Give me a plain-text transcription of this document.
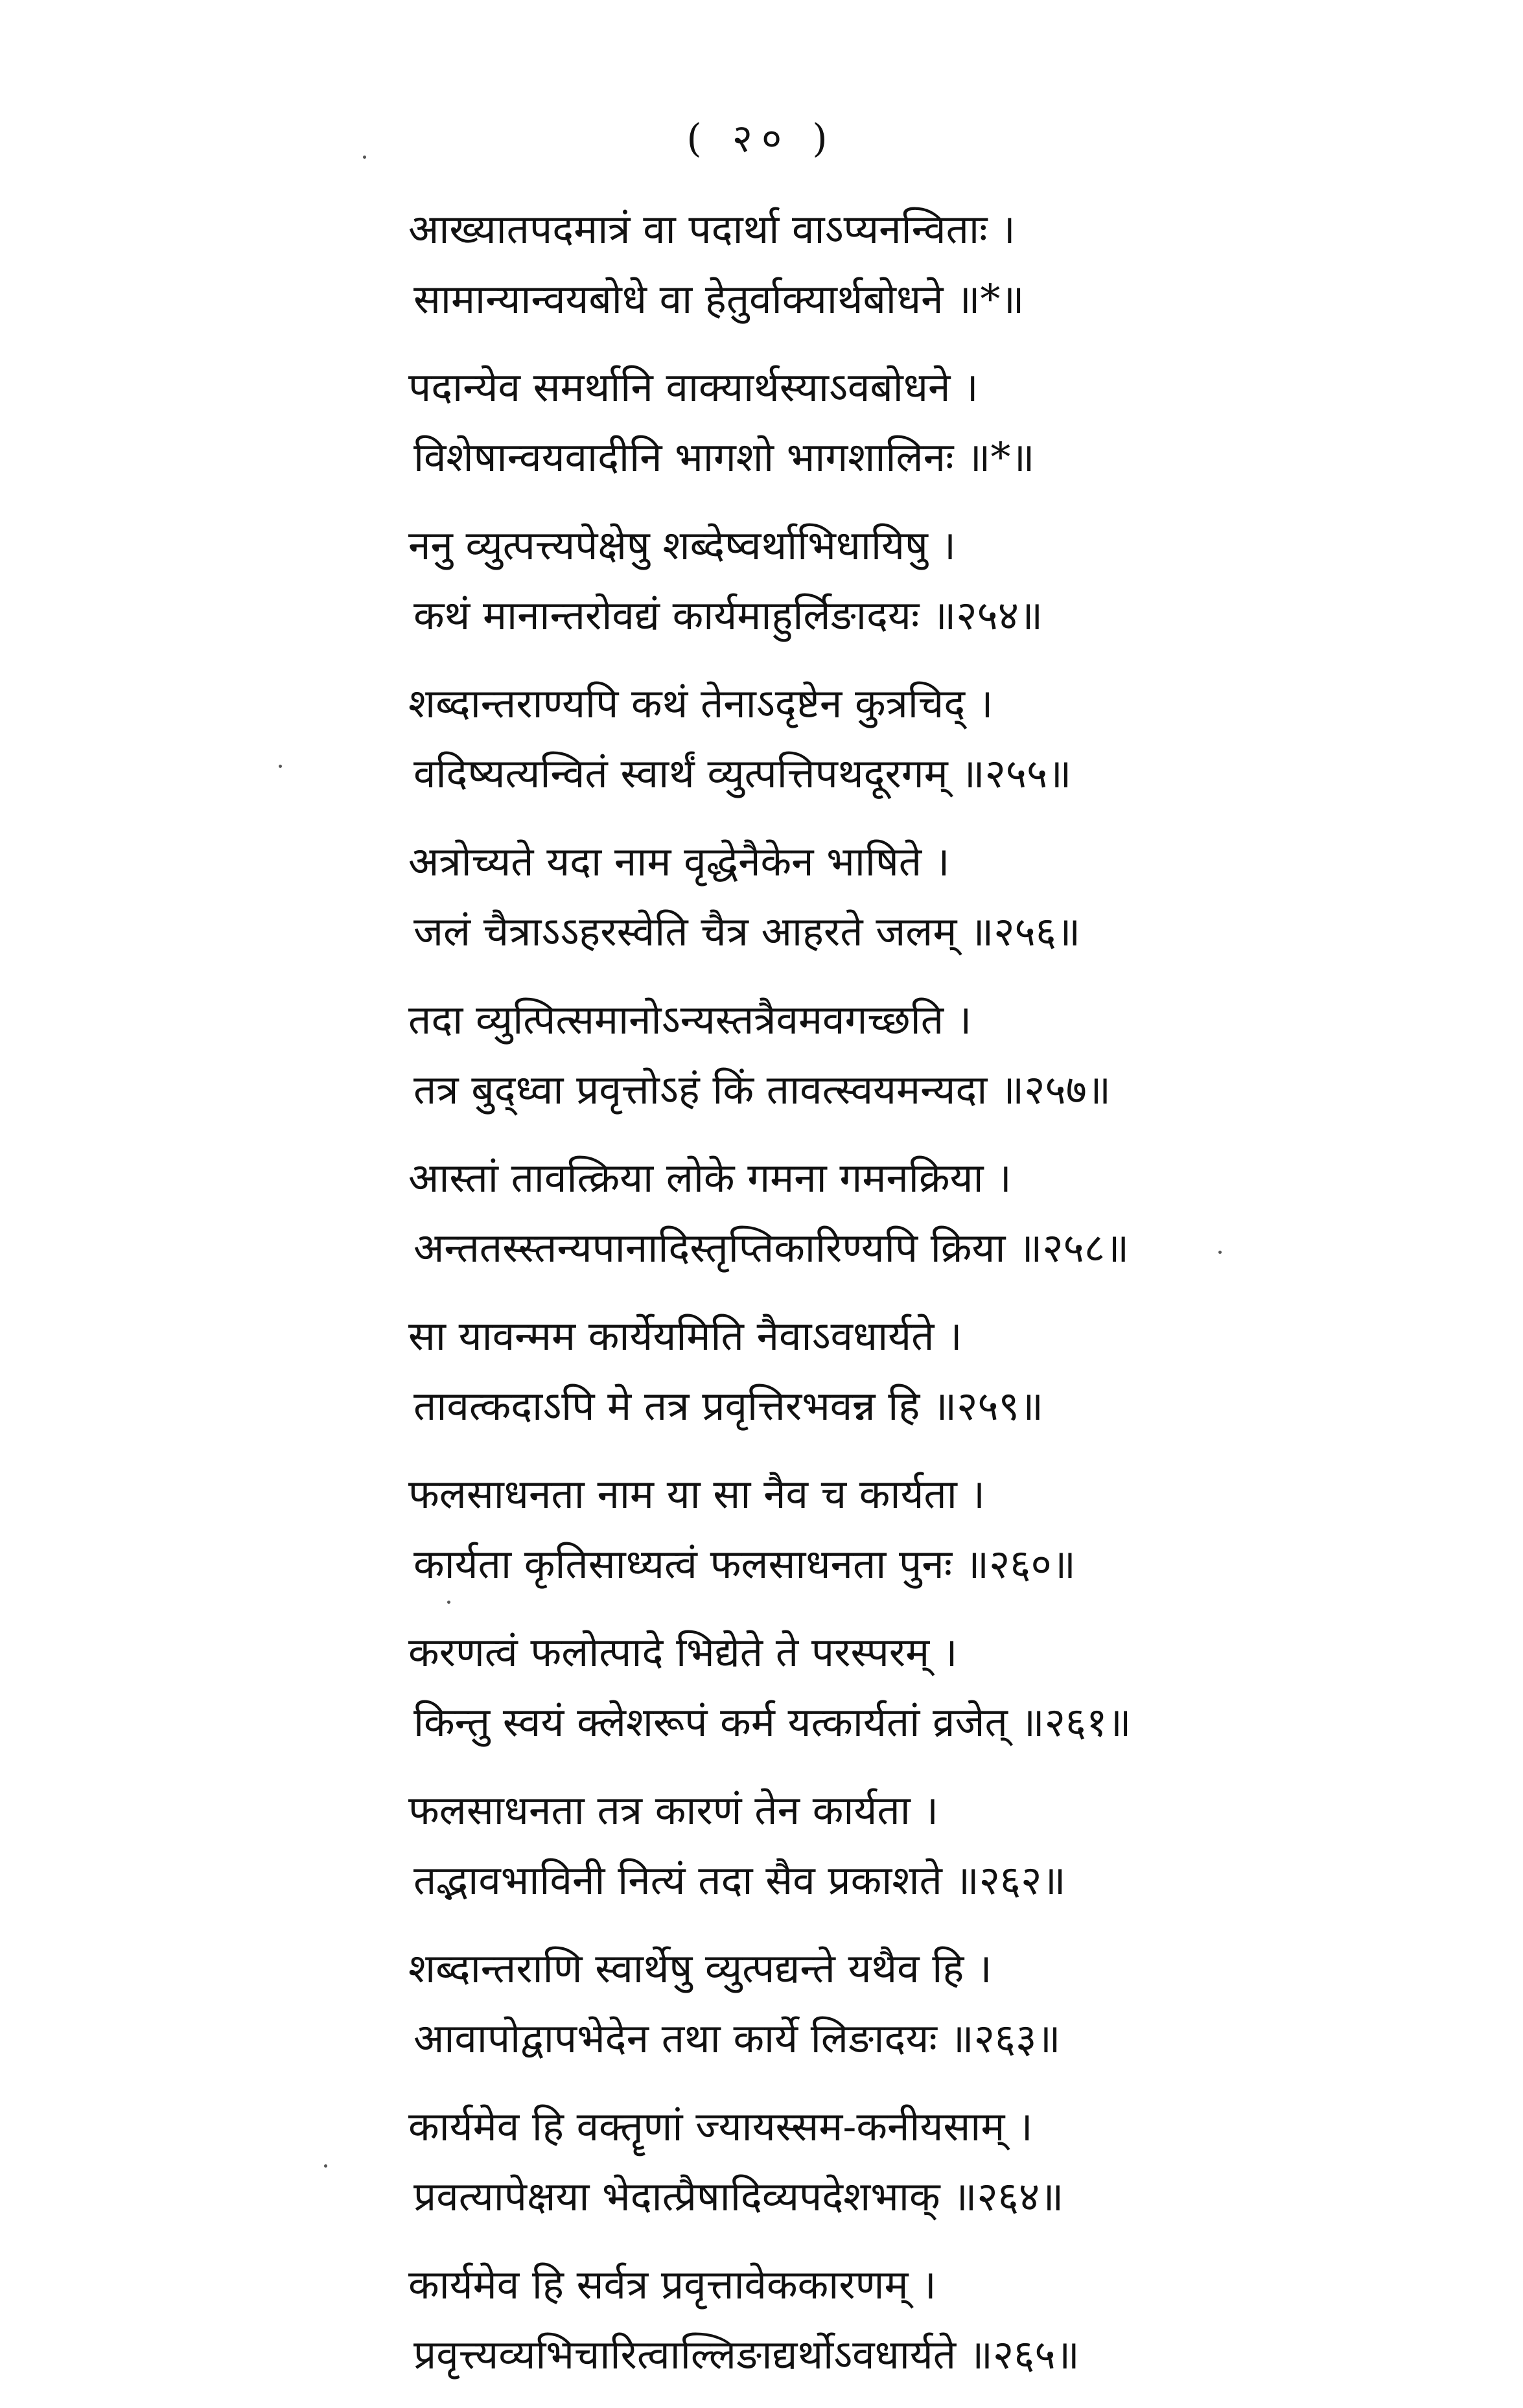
( २० )
आख्यातपदमात्रं वा पदार्था वाऽप्यनन्विताः ।
सामान्यान्वयबोधे वा हेतुर्वाक्यार्थबोधने ॥*॥
पदान्येव समर्थानि वाक्यार्थस्याऽवबोधने ।
विशेषान्वयवादीनि भागशो भागशालिनः ॥*॥
ननु व्युत्पत्त्यपेक्षेषु शब्देष्वर्थाभिधायिषु ।
कथं मानान्तरोवद्यं कार्यमाहुर्लिङादयः ॥२५४॥
शब्दान्तराण्यपि कथं तेनाऽदृष्टेन कुत्रचिद् ।
वदिष्यत्यन्वितं स्वार्थं व्युत्पत्तिपथदूरगम् ॥२५५॥
अत्रोच्यते यदा नाम वृद्धेनैकेन भाषिते ।
जलं चैत्राऽऽहरस्वेति चैत्र आहरते जलम् ॥२५६॥
तदा व्युत्पित्समानोऽन्यस्तत्रैवमवगच्छति ।
तत्र बुद्ध्वा प्रवृत्तोऽहं किं तावत्स्वयमन्यदा ॥२५७॥
आस्तां तावत्क्रिया लोके गमना गमनक्रिया ।
अन्ततस्स्तन्यपानादिस्तृप्तिकारिण्यपि क्रिया ॥२५८॥
सा यावन्मम कार्येयमिति नैवाऽवधार्यते ।
तावत्कदाऽपि मे तत्र प्रवृत्तिरभवन्न हि ॥२५९॥
फलसाधनता नाम या सा नैव च कार्यता ।
कार्यता कृतिसाध्यत्वं फलसाधनता पुनः ॥२६०॥
करणत्वं फलोत्पादे भिद्येते ते परस्परम् ।
किन्तु स्वयं क्लेशरूपं कर्म यत्कार्यतां व्रजेत् ॥२६१॥
फलसाधनता तत्र कारणं तेन कार्यता ।
तद्भावभाविनी नित्यं तदा सैव प्रकाशते ॥२६२॥
शब्दान्तराणि स्वार्थेषु व्युत्पद्यन्ते यथैव हि ।
आवापोद्वापभेदेन तथा कार्ये लिङादयः ॥२६३॥
कार्यमेव हि वक्तॄणां ज्यायस्सम-कनीयसाम् ।
प्रवत्यापेक्षया भेदात्प्रैषादिव्यपदेशभाक् ॥२६४॥
कार्यमेव हि सर्वत्र प्रवृत्तावेककारणम् ।
प्रवृत्त्यव्यभिचारित्वाल्लिङाद्यर्थोऽवधार्यते ॥२६५॥
